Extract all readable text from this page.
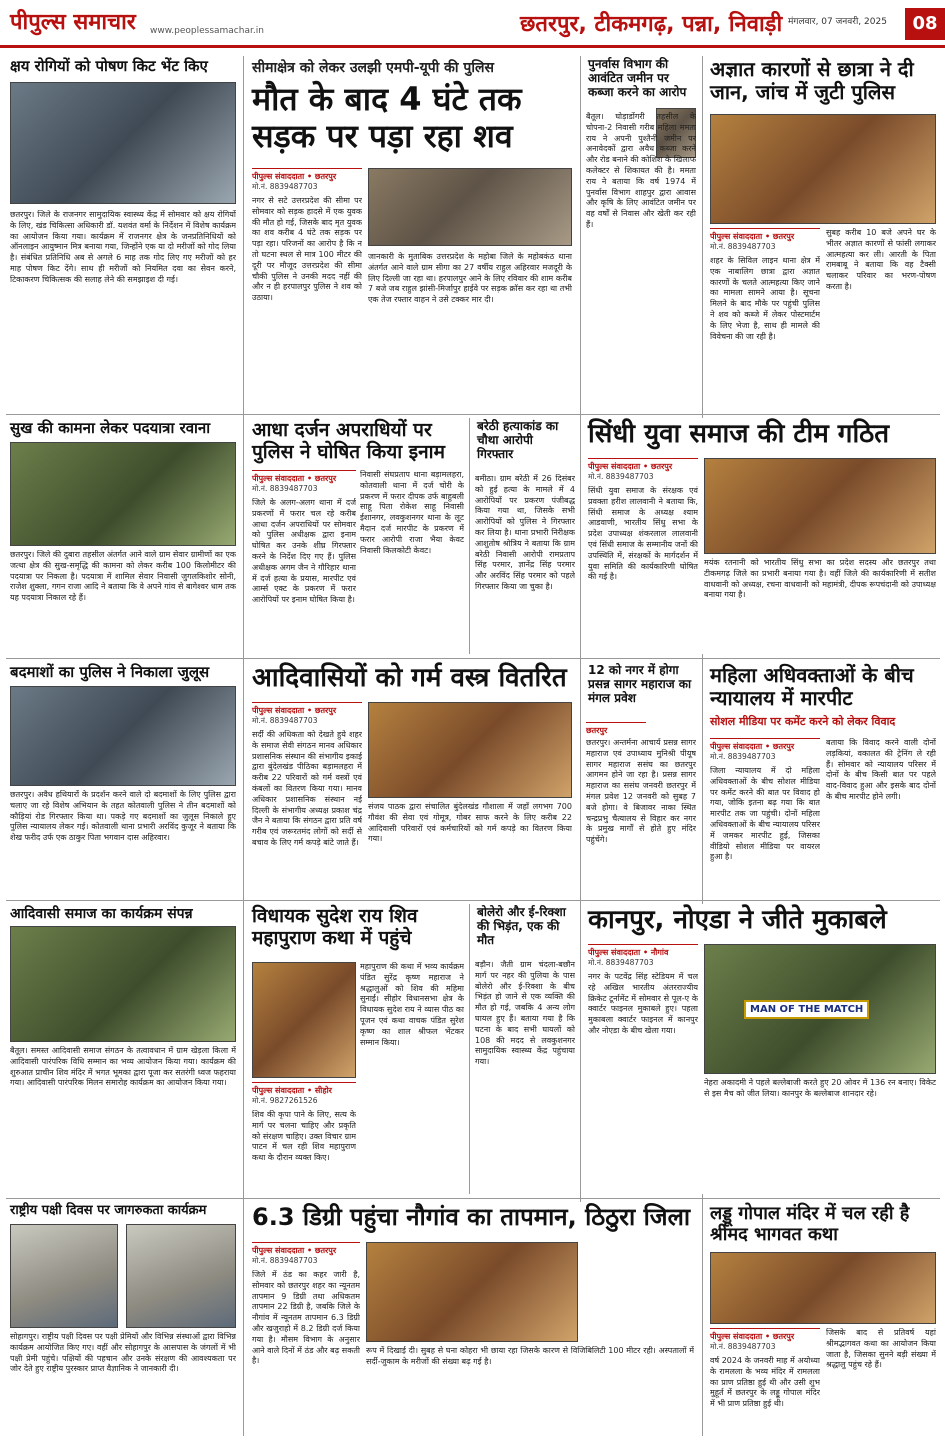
पीपुल्स समाचार www.peoplessamachar.in	छतरपुर, टीकमगढ़, पन्ना, निवाड़ी मंगलवार, 07 जनवरी, 2025	08
क्षय रोगियों को पोषण किट भेंट किए
छतरपुर। जिले के राजनगर सामुदायिक स्वास्थ्य केंद्र में सोमवार को क्षय रोगियों के लिए, खंड चिकित्सा अधिकारी डॉ. यशवंत वर्मा के निर्देशन में विशेष कार्यक्रम का आयोजन किया गया। कार्यक्रम में राजनगर क्षेत्र के जनप्रतिनिधियों को ऑनलाइन आयुष्मान मित्र बनाया गया, जिन्होंने एक या दो मरीजों को गोद लिया है। संबंधित प्रतिनिधि अब से अगले 6 माह तक गोद लिए गए मरीजों को हर माह पोषण किट देंगे। साथ ही मरीजों को नियमित दवा का सेवन करने, टिकाकरण चिकित्सक की सलाह लेने की समझाइश दी गई।
सीमाक्षेत्र को लेकर उलझी एमपी-यूपी की पुलिस
मौत के बाद 4 घंटे तक सड़क पर पड़ा रहा शव
पीपुल्स संवाददाता • छतरपुर
मो.नं. 8839487703
नगर से सटे उत्तरप्रदेश की सीमा पर सोमवार को सड़क हादसे में एक युवक की मौत हो गई, जिसके बाद मृत युवक का शव करीब 4 घंटे तक सड़क पर पड़ा रहा। परिजनों का आरोप है कि न तो घटना स्थल से मात्र 100 मीटर की दूरी पर मौजूद उत्तरप्रदेश की सीमा चौकी पुलिस ने उनकी मदद नहीं की और न ही हरपालपुर पुलिस ने शव को उठाया।
जानकारी के मुताबिक उत्तरप्रदेश के महोबा जिले के महोबकंठ थाना अंतर्गत आने वाले ग्राम सीगा का 27 वर्षीय राहुल अहिरवार मजदूरी के लिए दिल्ली जा रहा था। हरपालपुर आने के लिए रविवार की शाम करीब 7 बजे जब राहुल झांसी-मिर्जापुर हाईवे पर सड़क क्रॉस कर रहा था तभी एक तेज रफ्तार वाहन ने उसे टक्कर मार दी।
पुनर्वास विभाग की आवंटित जमीन पर कब्जा करने का आरोप
बैतूल। घोड़ाडोंगरी तहसील के चोपना-2 निवासी गरीब महिला ममता राय ने अपनी पुश्तैनी जमीन पर अनावेदकों द्वारा अवैध कब्जा करने और रोड बनाने की कोशिश के खिलाफ कलेक्टर से शिकायत की है। ममता राय ने बताया कि वर्ष 1974 में पुनर्वास विभाग शाहपुर द्वारा आवास और कृषि के लिए आवंटित जमीन पर वह वर्षों से निवास और खेती कर रही हैं।
अज्ञात कारणों से छात्रा ने दी जान, जांच में जुटी पुलिस
पीपुल्स संवाददाता • छतरपुर
मो.नं. 8839487703
शहर के सिविल लाइन थाना क्षेत्र में एक नाबालिग छात्रा द्वारा अज्ञात कारणों के चलते आत्महत्या किए जाने का मामला सामने आया है। सूचना मिलने के बाद मौके पर पहुंची पुलिस ने शव को कब्जे में लेकर पोस्टमार्टम के लिए भेजा है, साथ ही मामले की विवेचना की जा रही है।
सुबह करीब 10 बजे अपने घर के भीतर अज्ञात कारणों से फांसी लगाकर आत्महत्या कर ली। आरती के पिता रामबाबू ने बताया कि वह टैक्सी चलाकर परिवार का भरण-पोषण करता है।
सुख की कामना लेकर पदयात्रा रवाना
छतरपुर। जिले की दुबारा तहसील अंतर्गत आने वाले ग्राम सेवार ग्रामीणों का एक जत्था क्षेत्र की सुख-समृद्धि की कामना को लेकर करीब 100 किलोमीटर की पदयात्रा पर निकला है। पदयात्रा में शामिल सेवार निवासी जुगलकिशोर सोनी, राजेश शुक्ला, गगन राजा आदि ने बताया कि वे अपने गांव से बागेश्वर धाम तक यह पदयात्रा निकाल रहे हैं।
आधा दर्जन अपराधियों पर पुलिस ने घोषित किया इनाम
पीपुल्स संवाददाता • छतरपुर
मो.नं. 8839487703
जिले के अलग-अलग थाना में दर्ज प्रकरणों में फरार चल रहे करीब आधा दर्जन अपराधियों पर सोमवार को पुलिस अधीक्षक द्वारा इनाम घोषित कर उनके शीघ्र गिरफ्तार करने के निर्देश दिए गए हैं। पुलिस अधीक्षक अगम जैन ने गौरिहार थाना में दर्ज हत्या के प्रयास, मारपीट एवं आर्म्स एक्ट के प्रकरण में फरार आरोपियों पर इनाम घोषित किया है।
निवासी संघप्रताप थाना बड़ामलहरा, कोतवाली थाना में दर्ज चोरी के प्रकरण में फरार दीपक उर्फ बाहुबली साहू पिता रोकेश साहू निवासी ईशानगर, लवकुशनगर थाना के लूट मैदान दर्ज मारपीट के प्रकरण में फरार आरोपी राजा भैया केवट निवासी किलकोटी केवट।
बरेठी हत्याकांड का चौथा आरोपी गिरफ्तार
बमीठा। ग्राम बरेठी में 26 दिसंबर को हुई हत्या के मामले में 4 आरोपियों पर प्रकरण पंजीबद्ध किया गया था, जिसके सभी आरोपियों को पुलिस ने गिरफ्तार कर लिया है। थाना प्रभारी निरीक्षक आशुतोष श्रोत्रिय ने बताया कि ग्राम बरेठी निवासी आरोपी रामप्रताप सिंह परमार, ज्ञानेंद्र सिंह परमार और अरविंद सिंह परमार को पहले गिरफ्तार किया जा चुका है।
सिंधी युवा समाज की टीम गठित
पीपुल्स संवाददाता • छतरपुर
मो.नं. 8839487703
सिंधी युवा समाज के संरक्षक एवं प्रवक्ता हरीश लालवानी ने बताया कि, सिंधी समाज के अध्यक्ष श्याम आडवाणी, भारतीय सिंधु सभा के प्रदेश उपाध्यक्ष शंकरलाल लालवानी एवं सिंधी समाज के सम्मानीय जनों की उपस्थिति में, संरक्षकों के मार्गदर्शन में युवा समिति की कार्यकारिणी घोषित की गई है।
मयंक रतनानी को भारतीय सिंधु सभा का प्रदेश सदस्य और छतरपुर तथा टीकमगढ़ जिले का प्रभारी बनाया गया है। वहीं जिले की कार्यकारिणी में सतीश वाधवानी को अध्यक्ष, रचना वाधवानी को महामंत्री, दीपक रूपचंदानी को उपाध्यक्ष बनाया गया है।
बदमाशों का पुलिस ने निकाला जुलूस
छतरपुर। अवैध हथियारों के प्रदर्शन करने वाले दो बदमाशों के लिए पुलिस द्वारा चलाए जा रहे विशेष अभियान के तहत कोतवाली पुलिस ने तीन बदमाशों को कौड़ियां रोड गिरफ्तार किया था। पकड़े गए बदमाशों का जुलूस निकाले हुए पुलिस न्यायालय लेकर गई। कोतवाली थाना प्रभारी अरविंद कुजूर ने बताया कि शेख फरीद उर्फ एक ठाकुर पिता भगवान दास अहिरवार।
आदिवासियों को गर्म वस्त्र वितरित
पीपुल्स संवाददाता • छतरपुर
मो.नं. 8839487703
सर्दी की अधिकता को देखते हुये शहर के समाज सेवी संगठन मानव अधिकार प्रशासनिक संस्थान की संभागीय इकाई द्वारा बुंदेलखंड पीठिका बड़ामलहरा में करीब 22 परिवारों को गर्म वस्त्रों एवं कंबलों का वितरण किया गया। मानव अधिकार प्रशासनिक संस्थान नई दिल्ली के संभागीय अध्यक्ष प्रकाश चंद्र जैन ने बताया कि संगठन द्वारा प्रति वर्ष गरीब एवं जरूरतमंद लोगों को सर्दी से बचाव के लिए गर्म कपड़े बांटे जाते हैं।
संजय पाठक द्वारा संचालित बुंदेलखंड गौशाला में जहाँ लगभग 700 गौवंश की सेवा एवं गोमूत्र, गोबर साफ करने के लिए करीब 22 आदिवासी परिवारों एवं कर्मचारियों को गर्म कपड़े का वितरण किया गया।
12 को नगर में होगा प्रसन्न सागर महाराज का मंगल प्रवेश
छतरपुर
छतरपुर। अन्तर्मना आचार्य प्रसन्न सागर महाराज एवं उपाध्याय मुनिश्री पीयूष सागर महाराज ससंघ का छतरपुर आगमन होने जा रहा है। प्रसन्न सागर महाराज का ससंघ जनवरी छतरपुर में मंगल प्रवेश 12 जनवरी को सुबह 7 बजे होगा। वे बिजावर नाका स्थित चन्द्रप्रभु चैत्यालय से विहार कर नगर के प्रमुख मार्गों से होते हुए मंदिर पहुंचेंगे।
महिला अधिवक्ताओं के बीच न्यायालय में मारपीट
सोशल मीडिया पर कमेंट करने को लेकर विवाद
पीपुल्स संवाददाता • छतरपुर
मो.नं. 8839487703
जिला न्यायालय में दो महिला अधिवक्ताओं के बीच सोशल मीडिया पर कमेंट करने की बात पर विवाद हो गया, जोकि इतना बढ़ गया कि बात मारपीट तक जा पहुंची। दोनों महिला अधिवक्ताओं के बीच न्यायालय परिसर में जमकर मारपीट हुई, जिसका वीडियो सोशल मीडिया पर वायरल हुआ है।
बताया कि विवाद करने वाली दोनों लड़कियां, वकालत की ट्रेनिंग ले रही हैं। सोमवार को न्यायालय परिसर में दोनों के बीच किसी बात पर पहले वाद-विवाद हुआ और इसके बाद दोनों के बीच मारपीट होने लगी।
आदिवासी समाज का कार्यक्रम संपन्न
बैतूल। समस्त आदिवासी समाज संगठन के तत्वावधान में ग्राम खेड़ला किला में आदिवासी पारंपरिक विधि सम्मान का भव्य आयोजन किया गया। कार्यक्रम की शुरुआत प्राचीन शिव मंदिर में भगत भूमका द्वारा पूजा कर सतरंगी ध्वज फहराया गया। आदिवासी पारंपरिक मिलन समारोह कार्यक्रम का आयोजन किया गया।
विधायक सुदेश राय शिव महापुराण कथा में पहुंचे
पीपुल्स संवाददाता • सीहोर
मो.नं. 9827261526
शिव की कृपा पाने के लिए, सत्य के मार्ग पर चलना चाहिए और प्रकृति को संरक्षण चाहिए। उक्त विचार ग्राम पाटन में चल रही शिव महापुराण कथा के दौरान व्यक्त किए।
महापुराण की कथा में भव्य कार्यक्रम पंडित सुरेंद्र कृष्ण महाराज ने श्रद्धालुओं को शिव की महिमा सुनाई। सीहोर विधानसभा क्षेत्र के विधायक सुदेश राय ने व्यास पीठ का पूजन एवं कथा वाचक पंडित सुरेश कृष्ण का शाल श्रीफल भेंटकर सम्मान किया।
बोलेरो और ई-रिक्शा की भिड़ंत, एक की मौत
बड़ौन। जैती ग्राम चंदला-बछौन मार्ग पर नहर की पुलिया के पास बोलेरो और ई-रिक्शा के बीच भिड़ंत हो जाने से एक व्यक्ति की मौत हो गई, जबकि 4 अन्य लोग घायल हुए हैं। बताया गया है कि घटना के बाद सभी घायलों को 108 की मदद से लवकुशनगर सामुदायिक स्वास्थ्य केंद्र पहुंचाया गया।
कानपुर, नोएडा ने जीते मुकाबले
पीपुल्स संवाददाता • नौगांव
मो.नं. 8839487703
नगर के पटवेंद्र सिंह स्टेडियम में चल रहे अखिल भारतीय अंतरराज्यीय क्रिकेट टूर्नामेंट में सोमवार से पूल-ए के क्वार्टर फाइनल मुकाबले हुए। पहला मुकाबला क्वार्टर फाइनल में कानपुर और नोएडा के बीच खेला गया।
MAN OF THE MATCH
नेहरा अकादमी ने पहले बल्लेबाजी करते हुए 20 ओवर में 136 रन बनाए। विकेट से इस मैच को जीत लिया। कानपुर के बल्लेबाज शानदार रहे।
राष्ट्रीय पक्षी दिवस पर जागरुकता कार्यक्रम
सोहागपुर। राष्ट्रीय पक्षी दिवस पर पक्षी प्रेमियों और विभिन्न संस्थाओं द्वारा विभिन्न कार्यक्रम आयोजित किए गए। वहीं और सोहागपुर के आसपास के जंगलों में भी पक्षी प्रेमी पहुंचे। पक्षियों की पहचान और उनके संरक्षण की आवश्यकता पर जोर देते हुए राष्ट्रीय पुरस्कार प्राप्त वैज्ञानिक ने जानकारी दी।
6.3 डिग्री पहुंचा नौगांव का तापमान, ठिठुरा जिला
पीपुल्स संवाददाता • छतरपुर
मो.नं. 8839487703
जिले में ठंड का कहर जारी है, सोमवार को छतरपुर शहर का न्यूनतम तापमान 9 डिग्री तथा अधिकतम तापमान 22 डिग्री है, जबकि जिले के नौगांव में न्यूनतम तापमान 6.3 डिग्री और खजुराहो में 8.2 डिग्री दर्ज किया गया है। मौसम विभाग के अनुसार आने वाले दिनों में ठंड और बढ़ सकती है।
रूप में दिखाई दी। सुबह से घना कोहरा भी छाया रहा जिसके कारण से विजिबिलिटी 100 मीटर रही। अस्पतालों में सर्दी-जुकाम के मरीजों की संख्या बढ़ गई है।
लड्डू गोपाल मंदिर में चल रही है श्रीमद भागवत कथा
पीपुल्स संवाददाता • छतरपुर
मो.नं. 8839487703
वर्ष 2024 के जनवरी माह में अयोध्या के रामलला के भव्य मंदिर में रामलला का प्राण प्रतिष्ठा हुई थी और उसी शुभ मुहूर्त में छतरपुर के लड्डू गोपाल मंदिर में भी प्राण प्रतिष्ठा हुई थी।
जिसके बाद से प्रतिवर्ष यहां श्रीमद्भागवत कथा का आयोजन किया जाता है, जिसका सुनने बड़ी संख्या में श्रद्धालु पहुंच रहे हैं।
